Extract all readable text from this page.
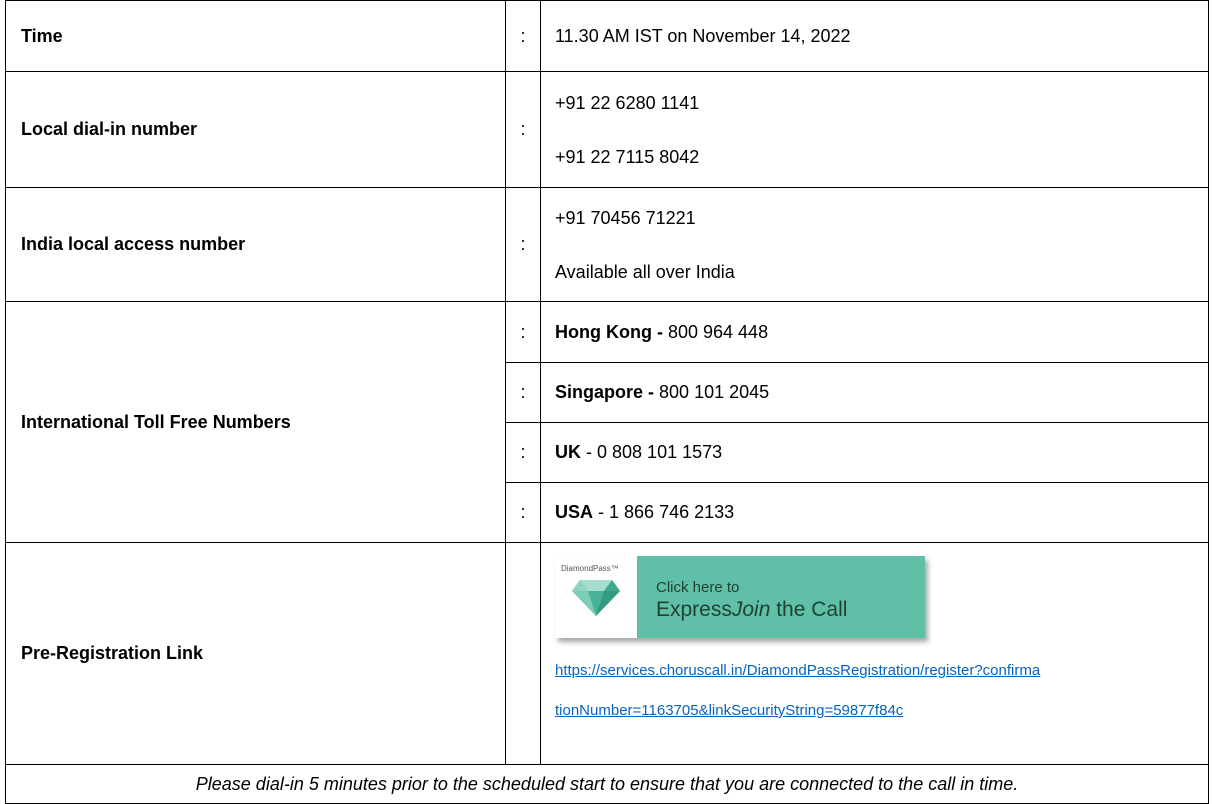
Time	:	11.30 AM IST on November 14, 2022
Local dial-in number	:	+91 22 6280 1141
+91 22 7115 8042

India local access number	:	+91 70456 71221
Available all over India

International Toll Free Numbers	:	Hong Kong - 800 964 448
	:	Singapore - 800 101 2045
	:	UK - 0 808 101 1573
	:	USA - 1 866 746 2133
Pre-Registration Link		DiamondPass™
Click here to
ExpressJoin the Call
https://services.choruscall.in/DiamondPassRegistration/register?confirma
tionNumber=1163705&linkSecurityString=59877f84c

Please dial-in 5 minutes prior to the scheduled start to ensure that you are connected to the call in time.		
